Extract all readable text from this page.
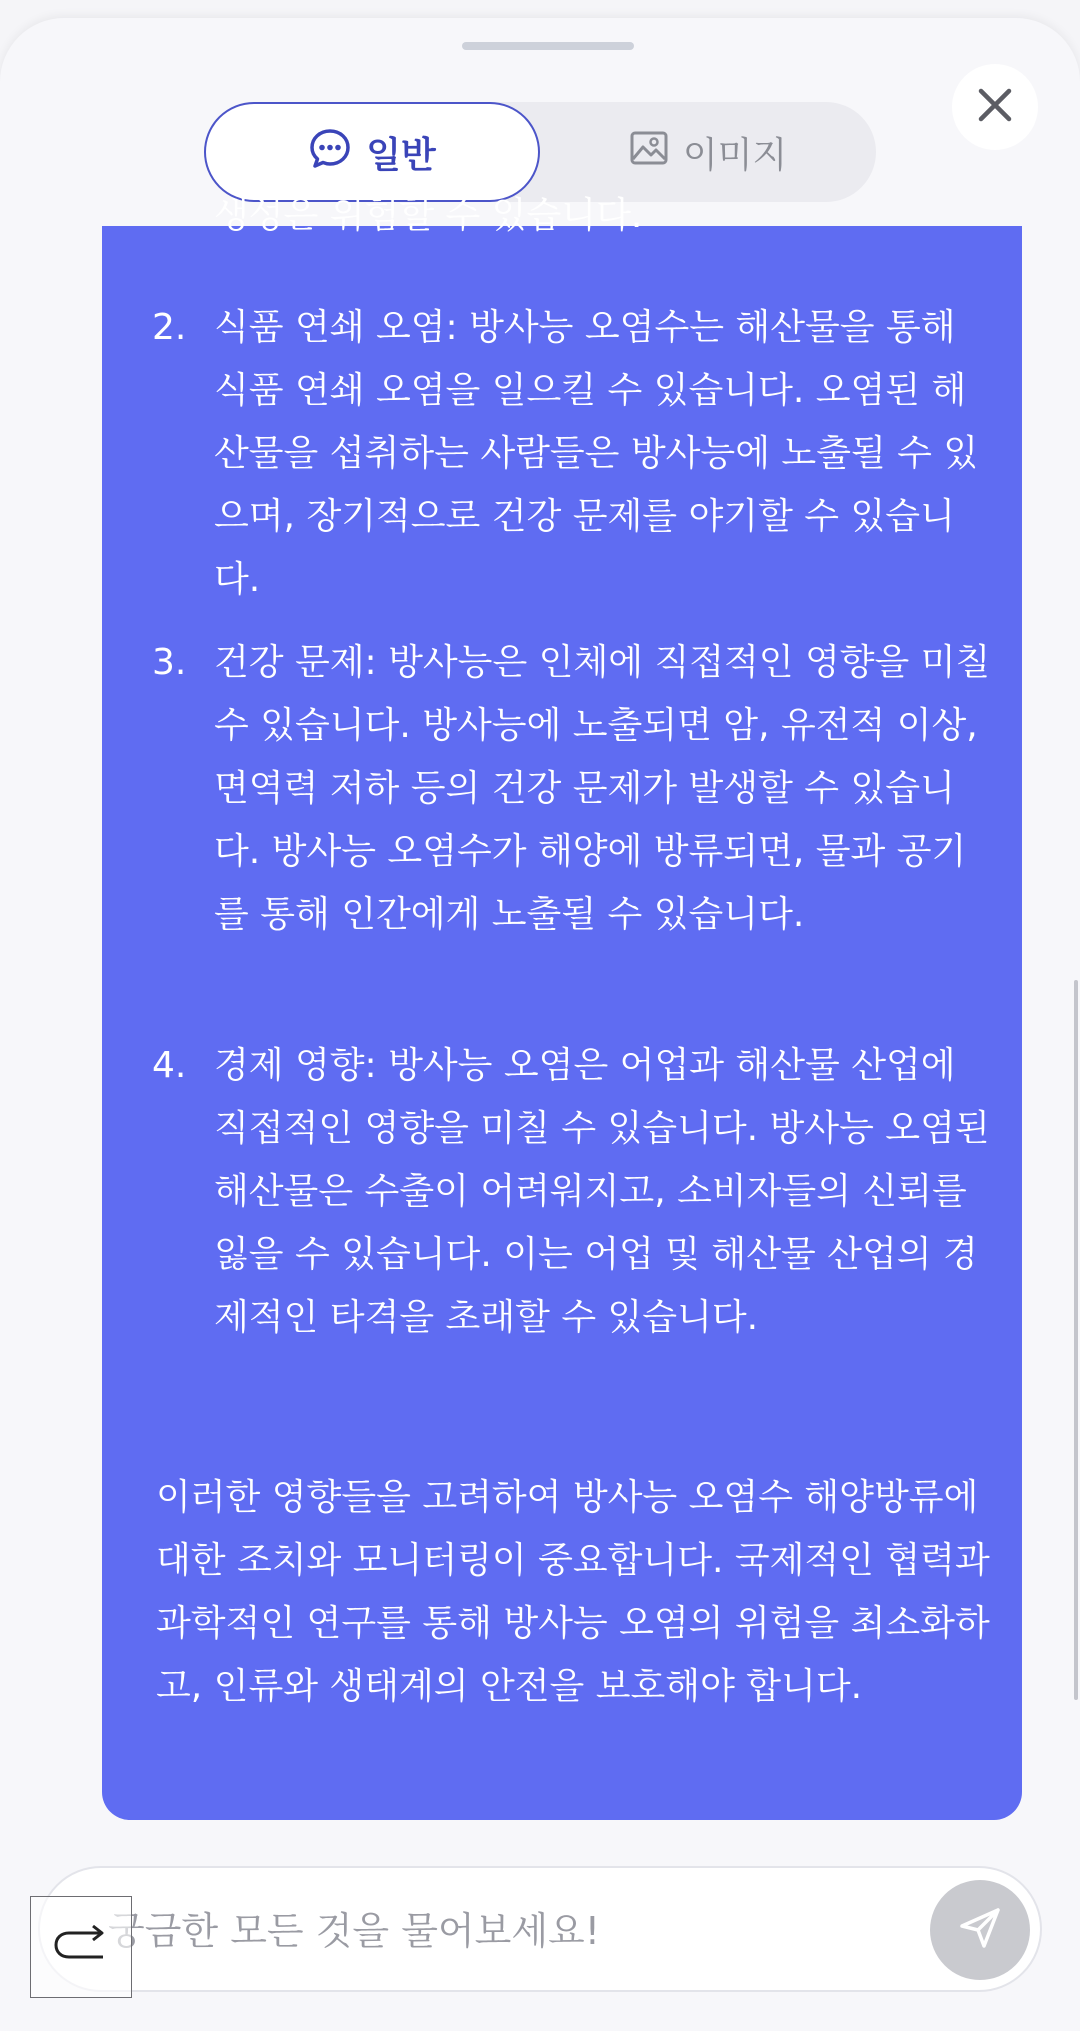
일반	이미지
생성은 위험할 수 있습니다.
2. 식품 연쇄 오염: 방사능 오염수는 해산물을 통해 식품 연쇄 오염을 일으킬 수 있습니다. 오염된 해산물을 섭취하는 사람들은 방사능에 노출될 수 있으며, 장기적으로 건강 문제를 야기할 수 있습니다.
3. 건강 문제: 방사능은 인체에 직접적인 영향을 미칠 수 있습니다. 방사능에 노출되면 암, 유전적 이상, 면역력 저하 등의 건강 문제가 발생할 수 있습니다. 방사능 오염수가 해양에 방류되면, 물과 공기를 통해 인간에게 노출될 수 있습니다.
4. 경제 영향: 방사능 오염은 어업과 해산물 산업에 직접적인 영향을 미칠 수 있습니다. 방사능 오염된 해산물은 수출이 어려워지고, 소비자들의 신뢰를 잃을 수 있습니다. 이는 어업 및 해산물 산업의 경제적인 타격을 초래할 수 있습니다.
이러한 영향들을 고려하여 방사능 오염수 해양방류에 대한 조치와 모니터링이 중요합니다. 국제적인 협력과 과학적인 연구를 통해 방사능 오염의 위험을 최소화하고, 인류와 생태계의 안전을 보호해야 합니다.
궁금한 모든 것을 물어보세요!
